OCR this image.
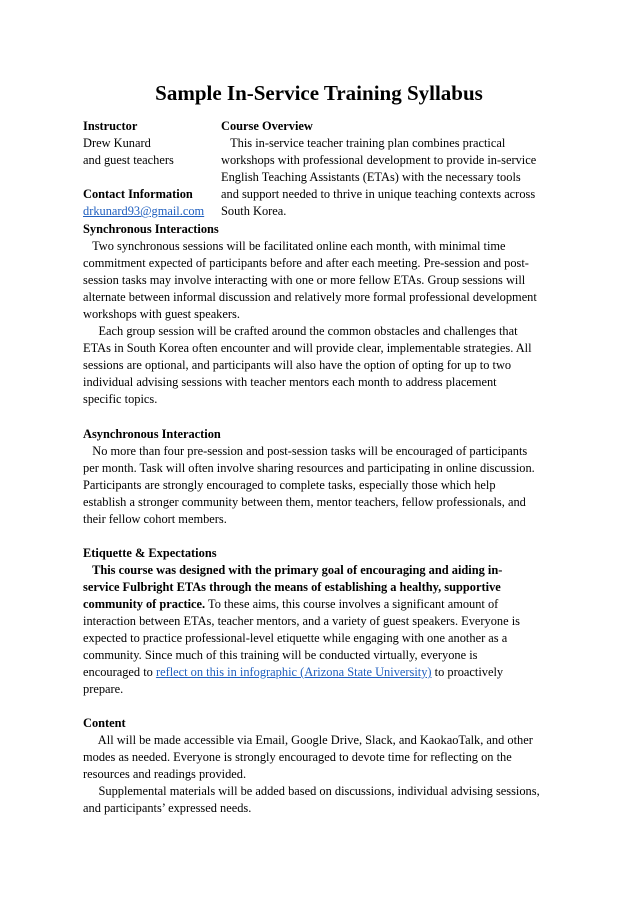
Sample In-Service Training Syllabus
Instructor
Drew Kunard
and guest teachers
Contact Information
drkunard93@gmail.com
Course Overview
This in-service teacher training plan combines practical
workshops with professional development to provide in-service
English Teaching Assistants (ETAs) with the necessary tools
and support needed to thrive in unique teaching contexts across
South Korea.
Synchronous Interactions
Two synchronous sessions will be facilitated online each month, with minimal time
commitment expected of participants before and after each meeting. Pre-session and post-
session tasks may involve interacting with one or more fellow ETAs. Group sessions will
alternate between informal discussion and relatively more formal professional development
workshops with guest speakers.
Each group session will be crafted around the common obstacles and challenges that
ETAs in South Korea often encounter and will provide clear, implementable strategies. All
sessions are optional, and participants will also have the option of opting for up to two
individual advising sessions with teacher mentors each month to address placement
specific topics.
Asynchronous Interaction
No more than four pre-session and post-session tasks will be encouraged of participants
per month. Task will often involve sharing resources and participating in online discussion.
Participants are strongly encouraged to complete tasks, especially those which help
establish a stronger community between them, mentor teachers, fellow professionals, and
their fellow cohort members.
Etiquette & Expectations
This course was designed with the primary goal of encouraging and aiding in-
service Fulbright ETAs through the means of establishing a healthy, supportive
community of practice. To these aims, this course involves a significant amount of
interaction between ETAs, teacher mentors, and a variety of guest speakers. Everyone is
expected to practice professional-level etiquette while engaging with one another as a
community. Since much of this training will be conducted virtually, everyone is
encouraged to reflect on this in infographic (Arizona State University) to proactively
prepare.
Content
All will be made accessible via Email, Google Drive, Slack, and KaokaoTalk, and other
modes as needed. Everyone is strongly encouraged to devote time for reflecting on the
resources and readings provided.
Supplemental materials will be added based on discussions, individual advising sessions,
and participants’ expressed needs.
